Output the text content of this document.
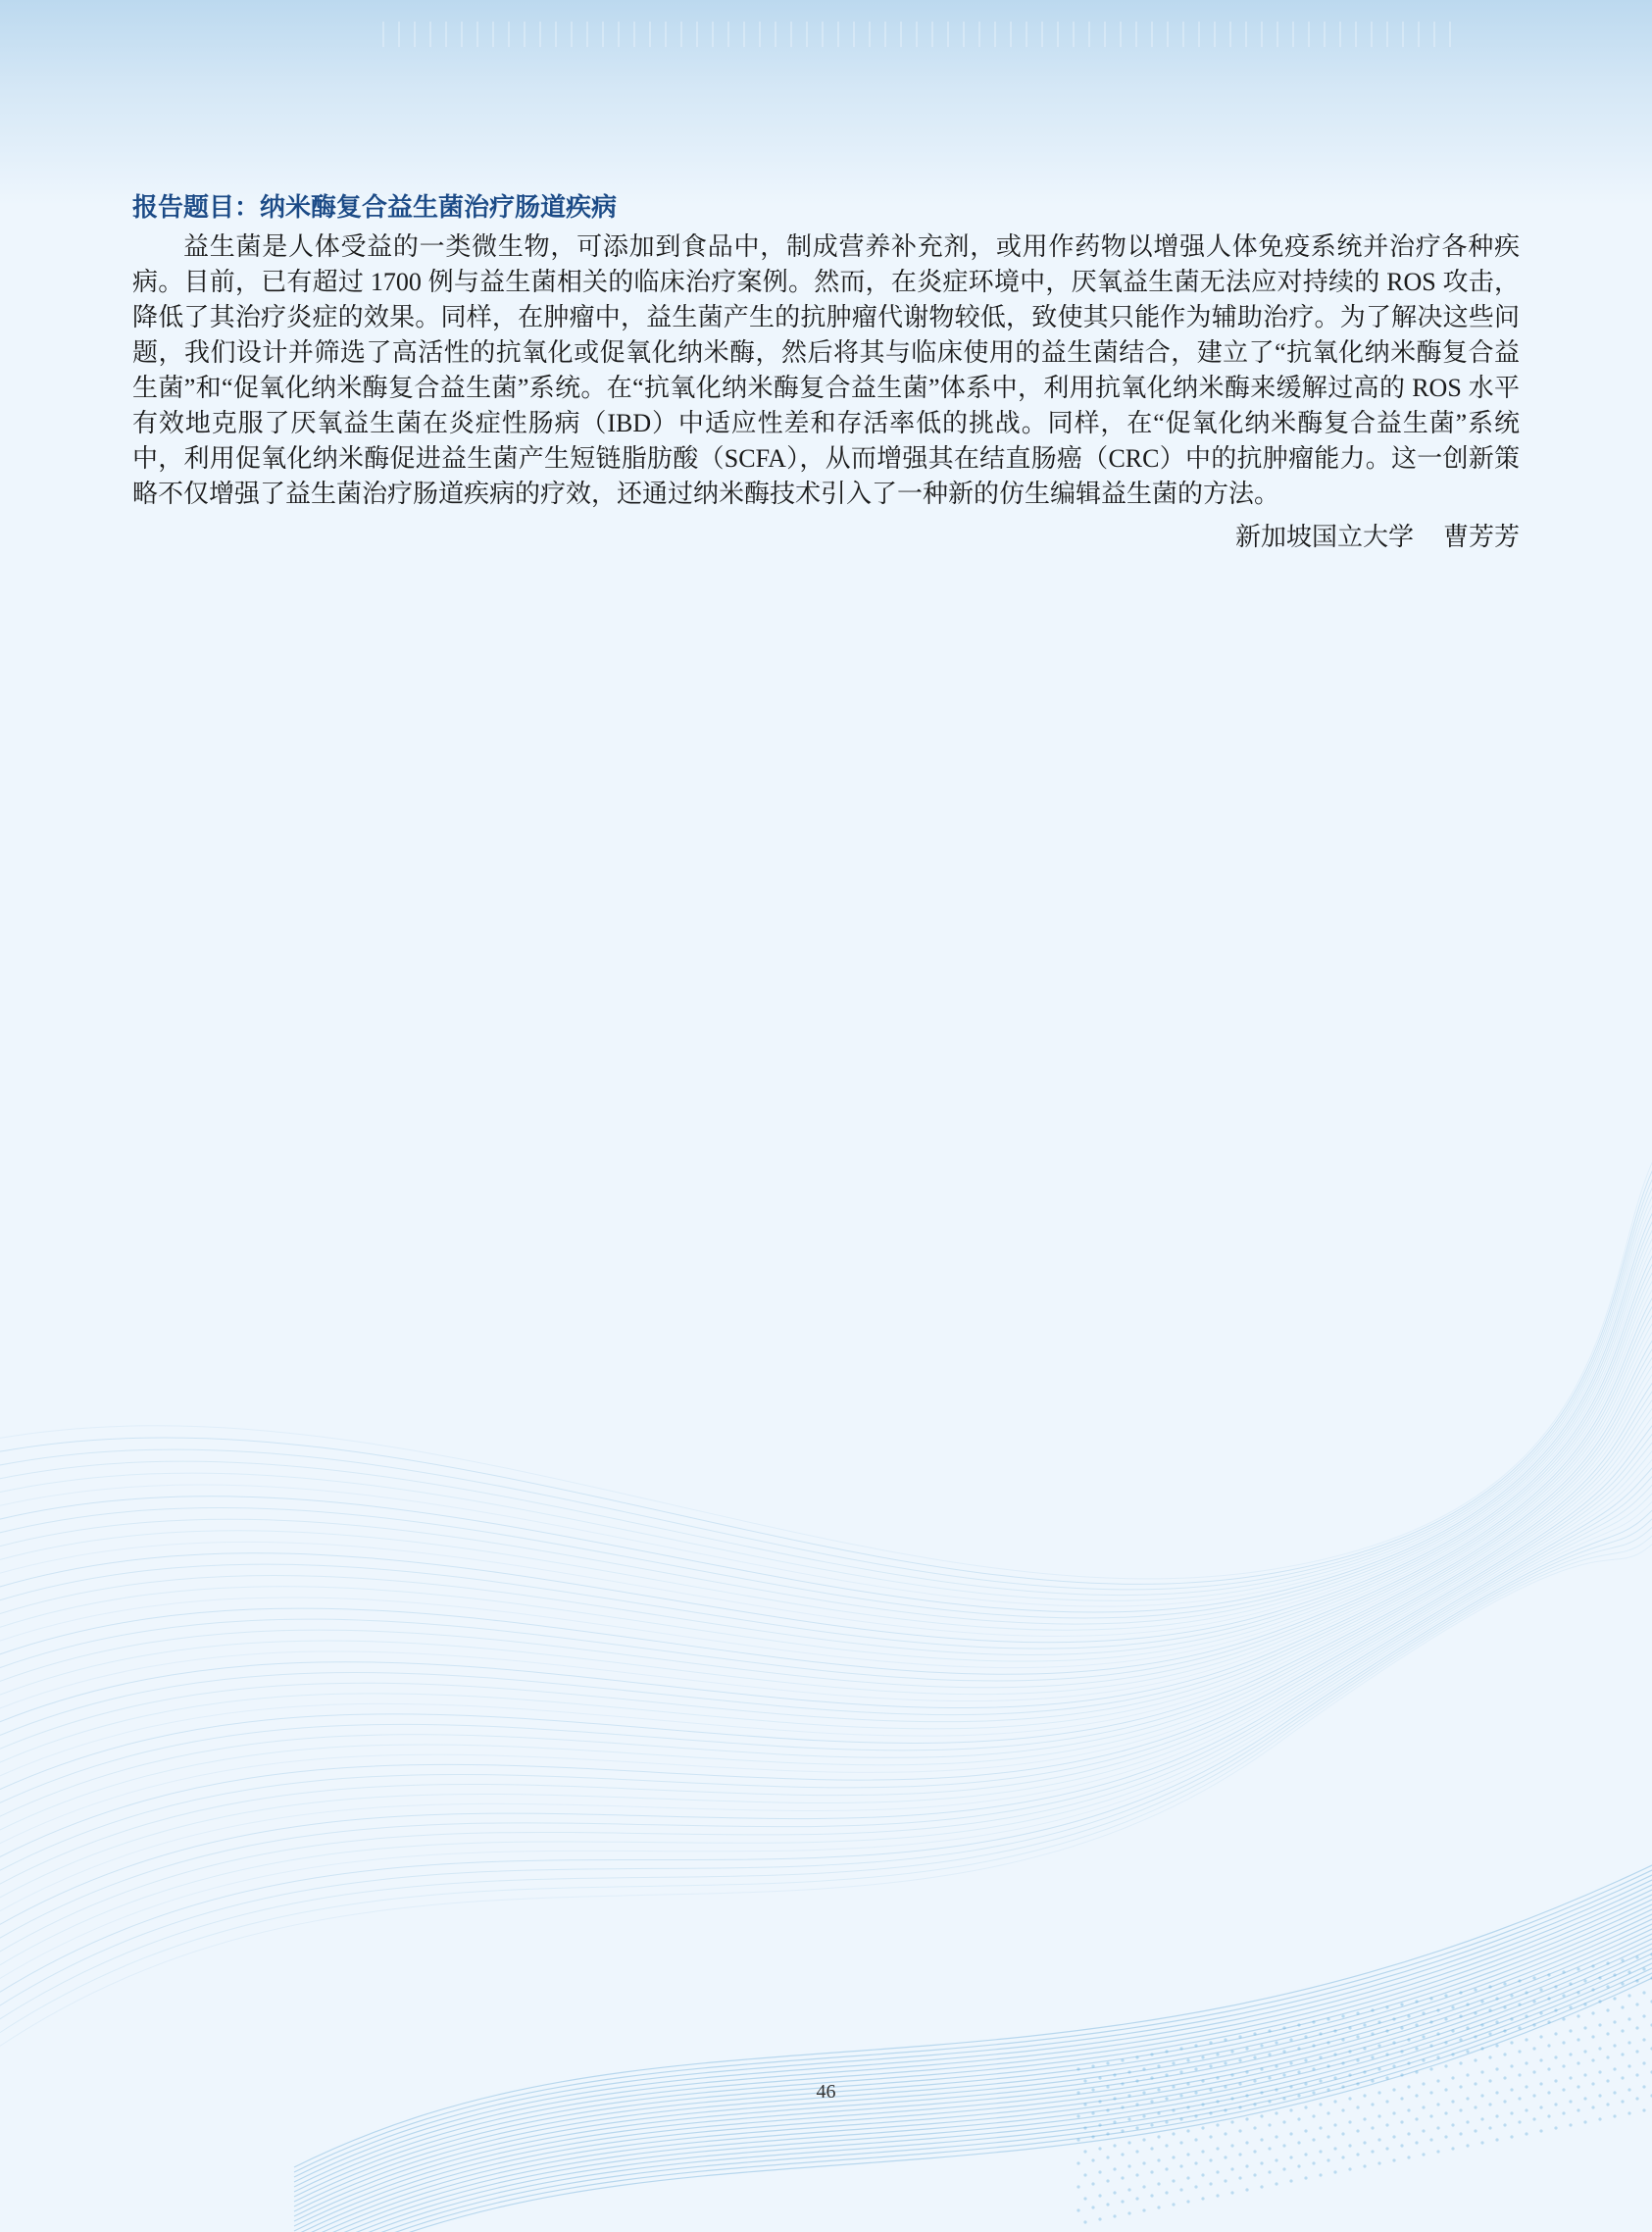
报告题目：纳米酶复合益生菌治疗肠道疾病

益生菌是人体受益的一类微生物，可添加到食品中，制成营养补充剂，或用作药物以增强人体免疫系统并治疗各种疾病。目前，已有超过 1700 例与益生菌相关的临床治疗案例。然而，在炎症环境中，厌氧益生菌无法应对持续的 ROS 攻击，降低了其治疗炎症的效果。同样，在肿瘤中，益生菌产生的抗肿瘤代谢物较低，致使其只能作为辅助治疗。为了解决这些问题，我们设计并筛选了高活性的抗氧化或促氧化纳米酶，然后将其与临床使用的益生菌结合，建立了“抗氧化纳米酶复合益生菌”和“促氧化纳米酶复合益生菌”系统。在“抗氧化纳米酶复合益生菌”体系中，利用抗氧化纳米酶来缓解过高的 ROS 水平有效地克服了厌氧益生菌在炎症性肠病（IBD）中适应性差和存活率低的挑战。同样，在“促氧化纳米酶复合益生菌”系统中，利用促氧化纳米酶促进益生菌产生短链脂肪酸（SCFA），从而增强其在结直肠癌（CRC）中的抗肿瘤能力。这一创新策略不仅增强了益生菌治疗肠道疾病的疗效，还通过纳米酶技术引入了一种新的仿生编辑益生菌的方法。

新加坡国立大学 曹芳芳

46
